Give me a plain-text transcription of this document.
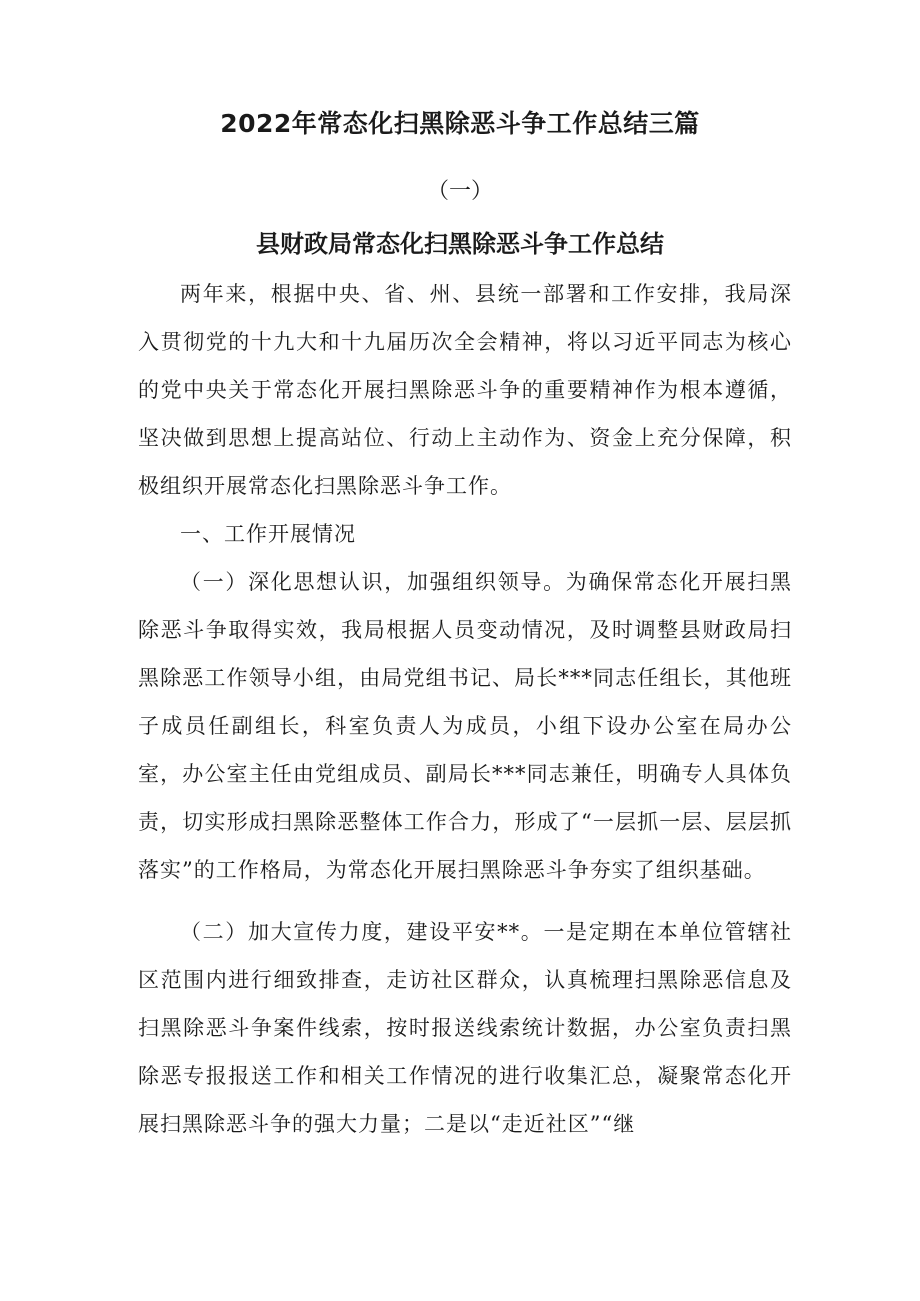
2022年常态化扫黑除恶斗争工作总结三篇
（一）
县财政局常态化扫黑除恶斗争工作总结

两年来，根据中央、省、州、县统一部署和工作安排，我局深入贯彻党的十九大和十九届历次全会精神，将以习近平同志为核心的党中央关于常态化开展扫黑除恶斗争的重要精神作为根本遵循，坚决做到思想上提高站位、行动上主动作为、资金上充分保障，积极组织开展常态化扫黑除恶斗争工作。

一、工作开展情况

（一）深化思想认识，加强组织领导。为确保常态化开展扫黑除恶斗争取得实效，我局根据人员变动情况，及时调整县财政局扫黑除恶工作领导小组，由局党组书记、局长***同志任组长，其他班子成员任副组长，科室负责人为成员，小组下设办公室在局办公室，办公室主任由党组成员、副局长***同志兼任，明确专人具体负责，切实形成扫黑除恶整体工作合力，形成了“一层抓一层、层层抓落实”的工作格局，为常态化开展扫黑除恶斗争夯实了组织基础。

（二）加大宣传力度，建设平安**。一是定期在本单位管辖社区范围内进行细致排查，走访社区群众，认真梳理扫黑除恶信息及扫黑除恶斗争案件线索，按时报送线索统计数据，办公室负责扫黑除恶专报报送工作和相关工作情况的进行收集汇总，凝聚常态化开展扫黑除恶斗争的强大力量；二是以“走近社区”“继
